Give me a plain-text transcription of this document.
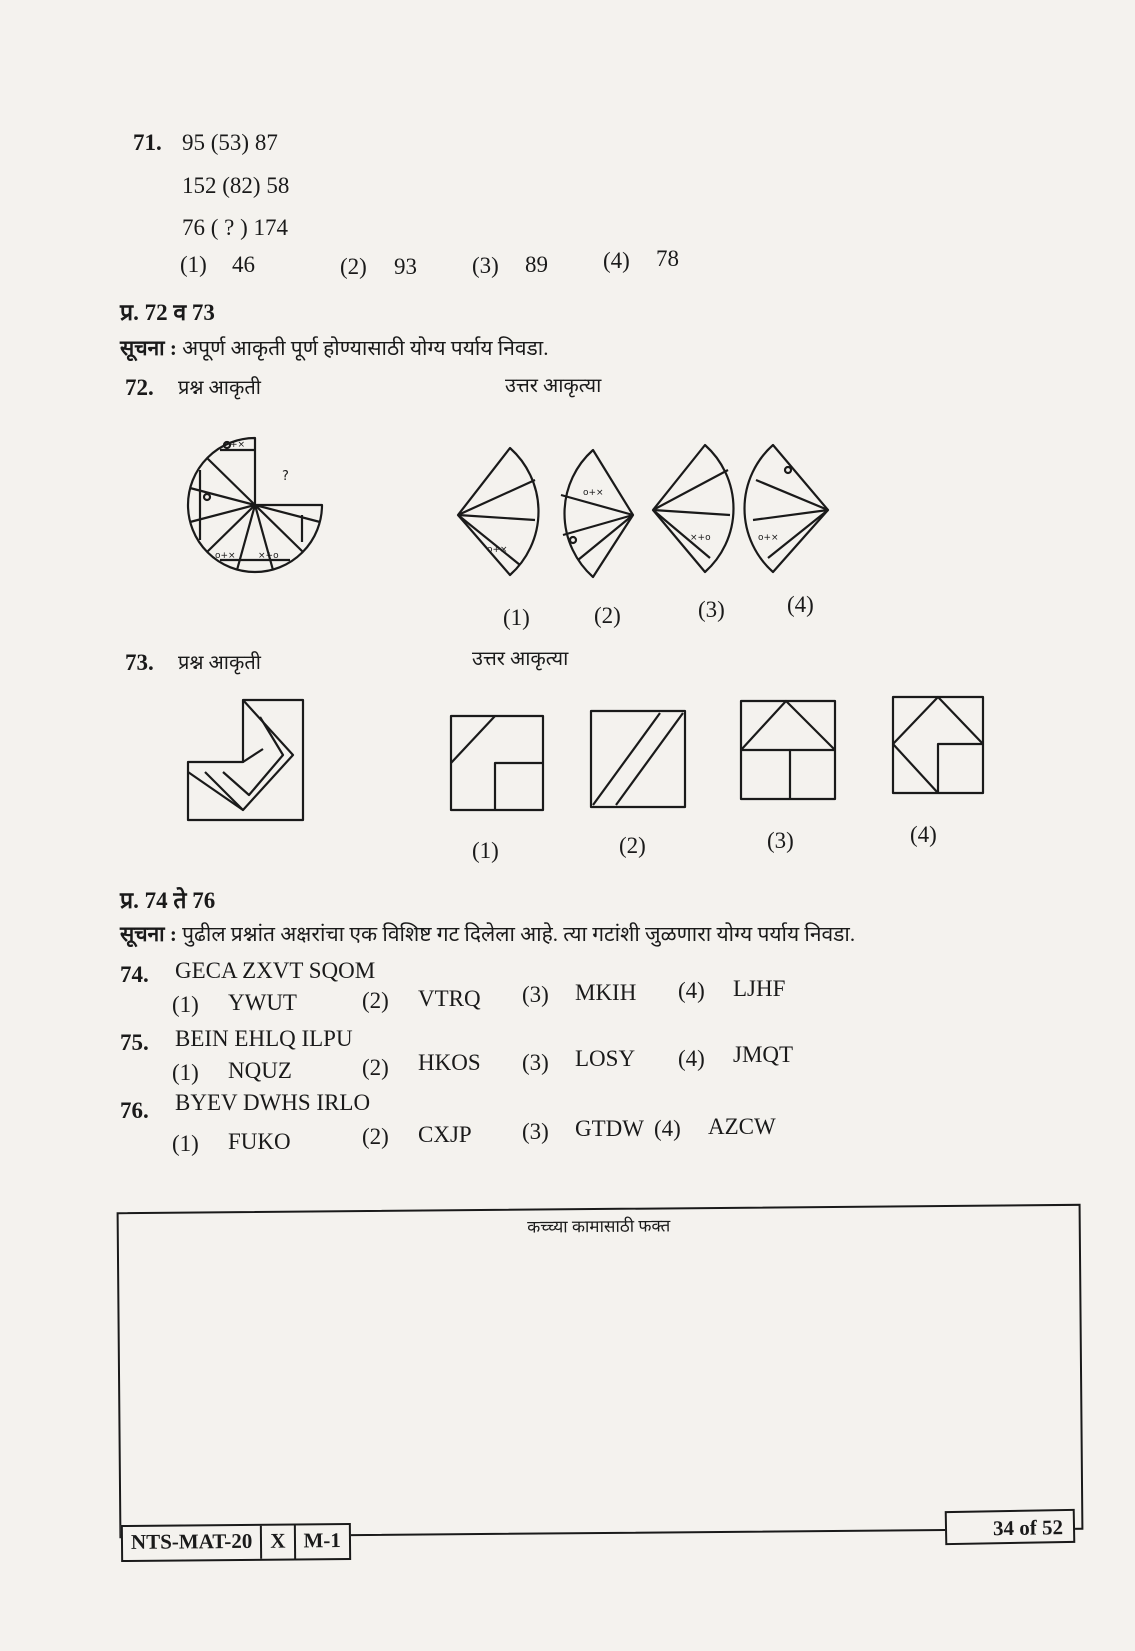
71. 95 (53) 87
152 (82) 58
76 ( ? ) 174
(1) 46	(2) 93 (3) 89 (4) 78
प्र. 72 व 73
सूचना : अपूर्ण आकृती पूर्ण होण्यासाठी योग्य पर्याय निवडा.
72. प्रश्न आकृती	उत्तर आकृत्या
+×
o+× ×+o
?
o+×
o+×
×+o	o+×
(1)	(2)	(3)	(4)
73. प्रश्न आकृती	उत्तर आकृत्या
(1)	(2)	(3)	(4)
प्र. 74 ते 76
सूचना : पुढील प्रश्नांत अक्षरांचा एक विशिष्ट गट दिलेला आहे. त्या गटांशी जुळणारा योग्य पर्याय निवडा.
74. GECA ZXVT SQOM
(1) YWUT	(2) VTRQ (3) MKIH (4) LJHF
75. BEIN EHLQ ILPU
(1) NQUZ	(2) HKOS (3) LOSY (4) JMQT
76. BYEV DWHS IRLO
(1) FUKO	(2) CXJP (3) GTDW (4) AZCW
कच्च्या कामासाठी फक्त
NTS-MAT-20 X M-1	34 of 52
